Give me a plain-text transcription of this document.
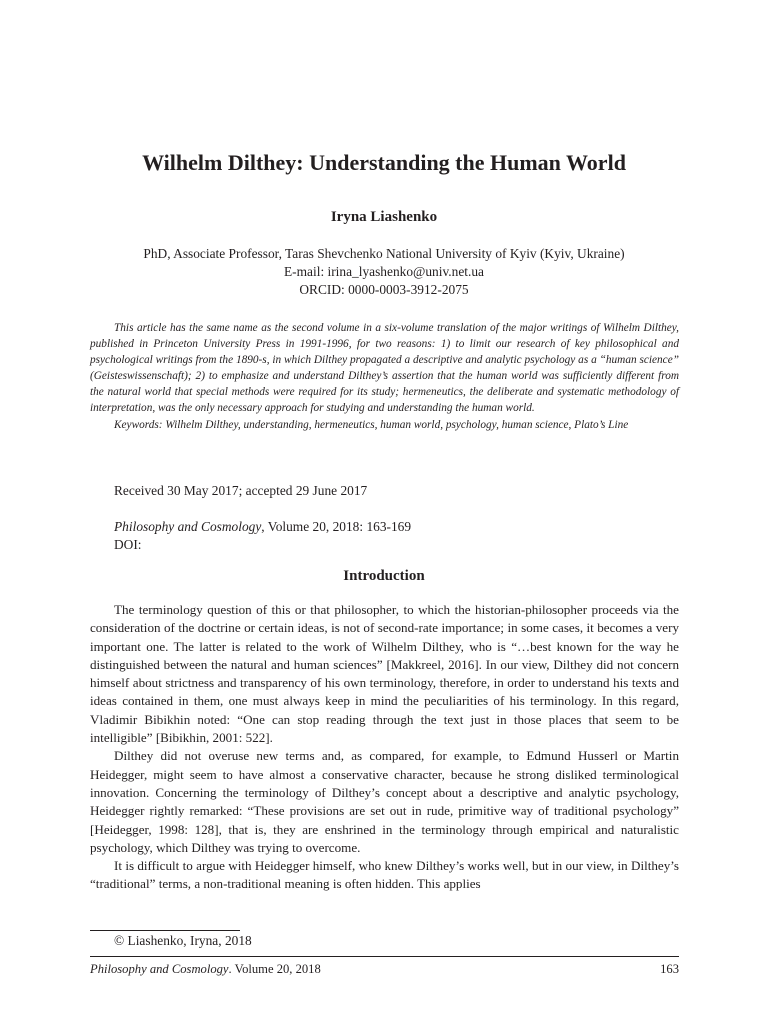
Wilhelm Dilthey: Understanding the Human World
Iryna Liashenko
PhD, Associate Professor, Taras Shevchenko National University of Kyiv (Kyiv, Ukraine)
E-mail: irina_lyashenko@univ.net.ua
ORCID: 0000-0003-3912-2075

This article has the same name as the second volume in a six-volume translation of the major writings of Wilhelm Dilthey, published in Princeton University Press in 1991-1996, for two reasons: 1) to limit our research of key philosophical and psychological writings from the 1890-s, in which Dilthey propagated a descriptive and analytic psychology as a “human science” (Geisteswissenschaft); 2) to emphasize and understand Dilthey’s assertion that the human world was sufficiently different from the natural world that special methods were required for its study; hermeneutics, the deliberate and systematic methodology of interpretation, was the only necessary approach for studying and understanding the human world.

Keywords: Wilhelm Dilthey, understanding, hermeneutics, human world, psychology, human science, Plato’s Line

Received 30 May 2017; accepted 29 June 2017

Philosophy and Cosmology, Volume 20, 2018: 163-169

DOI:

Introduction

The terminology question of this or that philosopher, to which the historian-philosopher proceeds via the consideration of the doctrine or certain ideas, is not of second-rate importance; in some cases, it becomes a very important one. The latter is related to the work of Wilhelm Dilthey, who is “…best known for the way he distinguished between the natural and human sciences” [Makkreel, 2016]. In our view, Dilthey did not concern himself about strictness and transparency of his own terminology, therefore, in order to understand his texts and ideas contained in them, one must always keep in mind the peculiarities of his terminology. In this regard, Vladimir Bibikhin noted: “One can stop reading through the text just in those places that seem to be intelligible” [Bibikhin, 2001: 522].

Dilthey did not overuse new terms and, as compared, for example, to Edmund Husserl or Martin Heidegger, might seem to have almost a conservative character, because he strong disliked terminological innovation. Concerning the terminology of Dilthey’s concept about a descriptive and analytic psychology, Heidegger rightly remarked: “These provisions are set out in rude, primitive way of traditional psychology” [Heidegger, 1998: 128], that is, they are enshrined in the terminology through empirical and naturalistic psychology, which Dilthey was trying to overcome.

It is difficult to argue with Heidegger himself, who knew Dilthey’s works well, but in our view, in Dilthey’s “traditional” terms, a non-traditional meaning is often hidden. This applies

© Liashenko, Iryna, 2018
Philosophy and Cosmology. Volume 20, 2018	163
